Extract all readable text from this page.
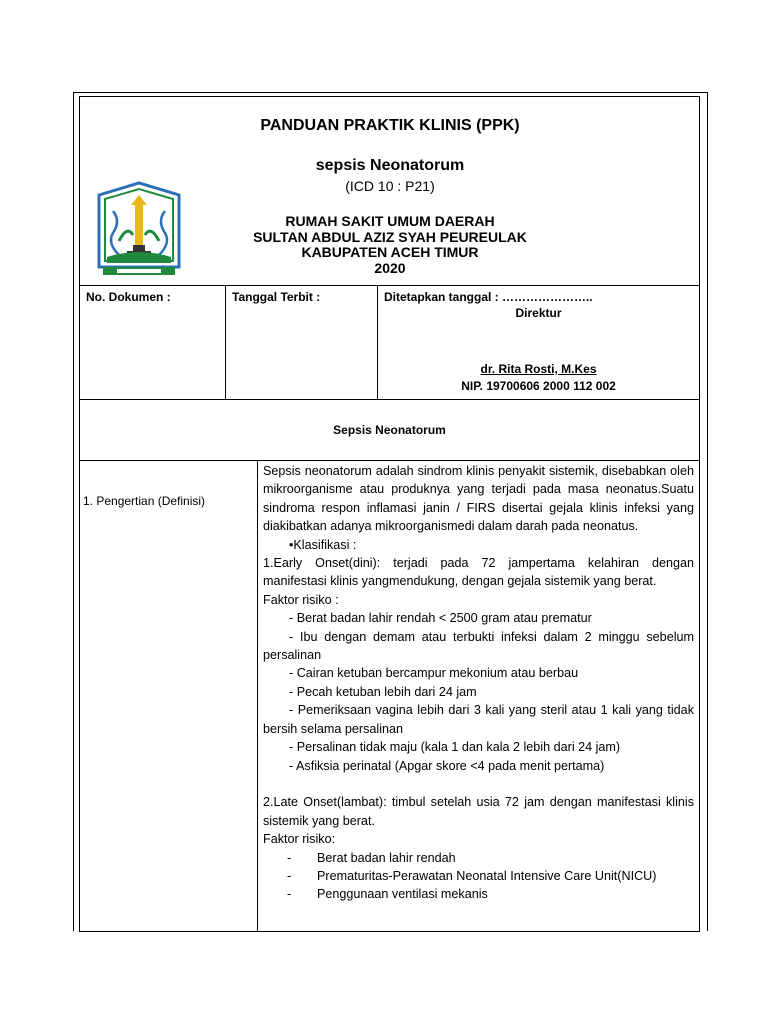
PANDUAN PRAKTIK KLINIS (PPK)
sepsis Neonatorum
(ICD 10 : P21)
RUMAH SAKIT UMUM DAERAH
SULTAN ABDUL AZIZ SYAH PEUREULAK
KABUPATEN ACEH TIMUR
2020
No. Dokumen :	Tanggal Terbit :	Ditetapkan tanggal : …………………..
Direktur
dr. Rita Rosti, M.Kes
NIP. 19700606 2000 112 002
Sepsis Neonatorum
1. Pengertian (Definisi)

Sepsis neonatorum adalah sindrom klinis penyakit sistemik, disebabkan oleh mikroorganisme atau produknya yang terjadi pada masa neonatus.Suatu sindroma respon inflamasi janin / FIRS disertai gejala klinis infeksi yang diakibatkan adanya mikroorganismedi dalam darah pada neonatus.

•Klasifikasi :

1.Early Onset(dini): terjadi pada 72 jampertama kelahiran dengan manifestasi klinis yangmendukung, dengan gejala sistemik yang berat.

Faktor risiko :

- Berat badan lahir rendah < 2500 gram atau prematur

- Ibu dengan demam atau terbukti infeksi dalam 2 minggu sebelum persalinan

- Cairan ketuban bercampur mekonium atau berbau

- Pecah ketuban lebih dari 24 jam

- Pemeriksaan vagina lebih dari 3 kali yang steril atau 1 kali yang tidak bersih selama persalinan

- Persalinan tidak maju (kala 1 dan kala 2 lebih dari 24 jam)

- Asfiksia perinatal (Apgar skore <4 pada menit pertama)

2.Late Onset(lambat): timbul setelah usia 72 jam dengan manifestasi klinis sistemik yang berat.

Faktor risiko:

-	Berat badan lahir rendah
-	Prematuritas-Perawatan Neonatal Intensive Care Unit(NICU)
-	Penggunaan ventilasi mekanis
